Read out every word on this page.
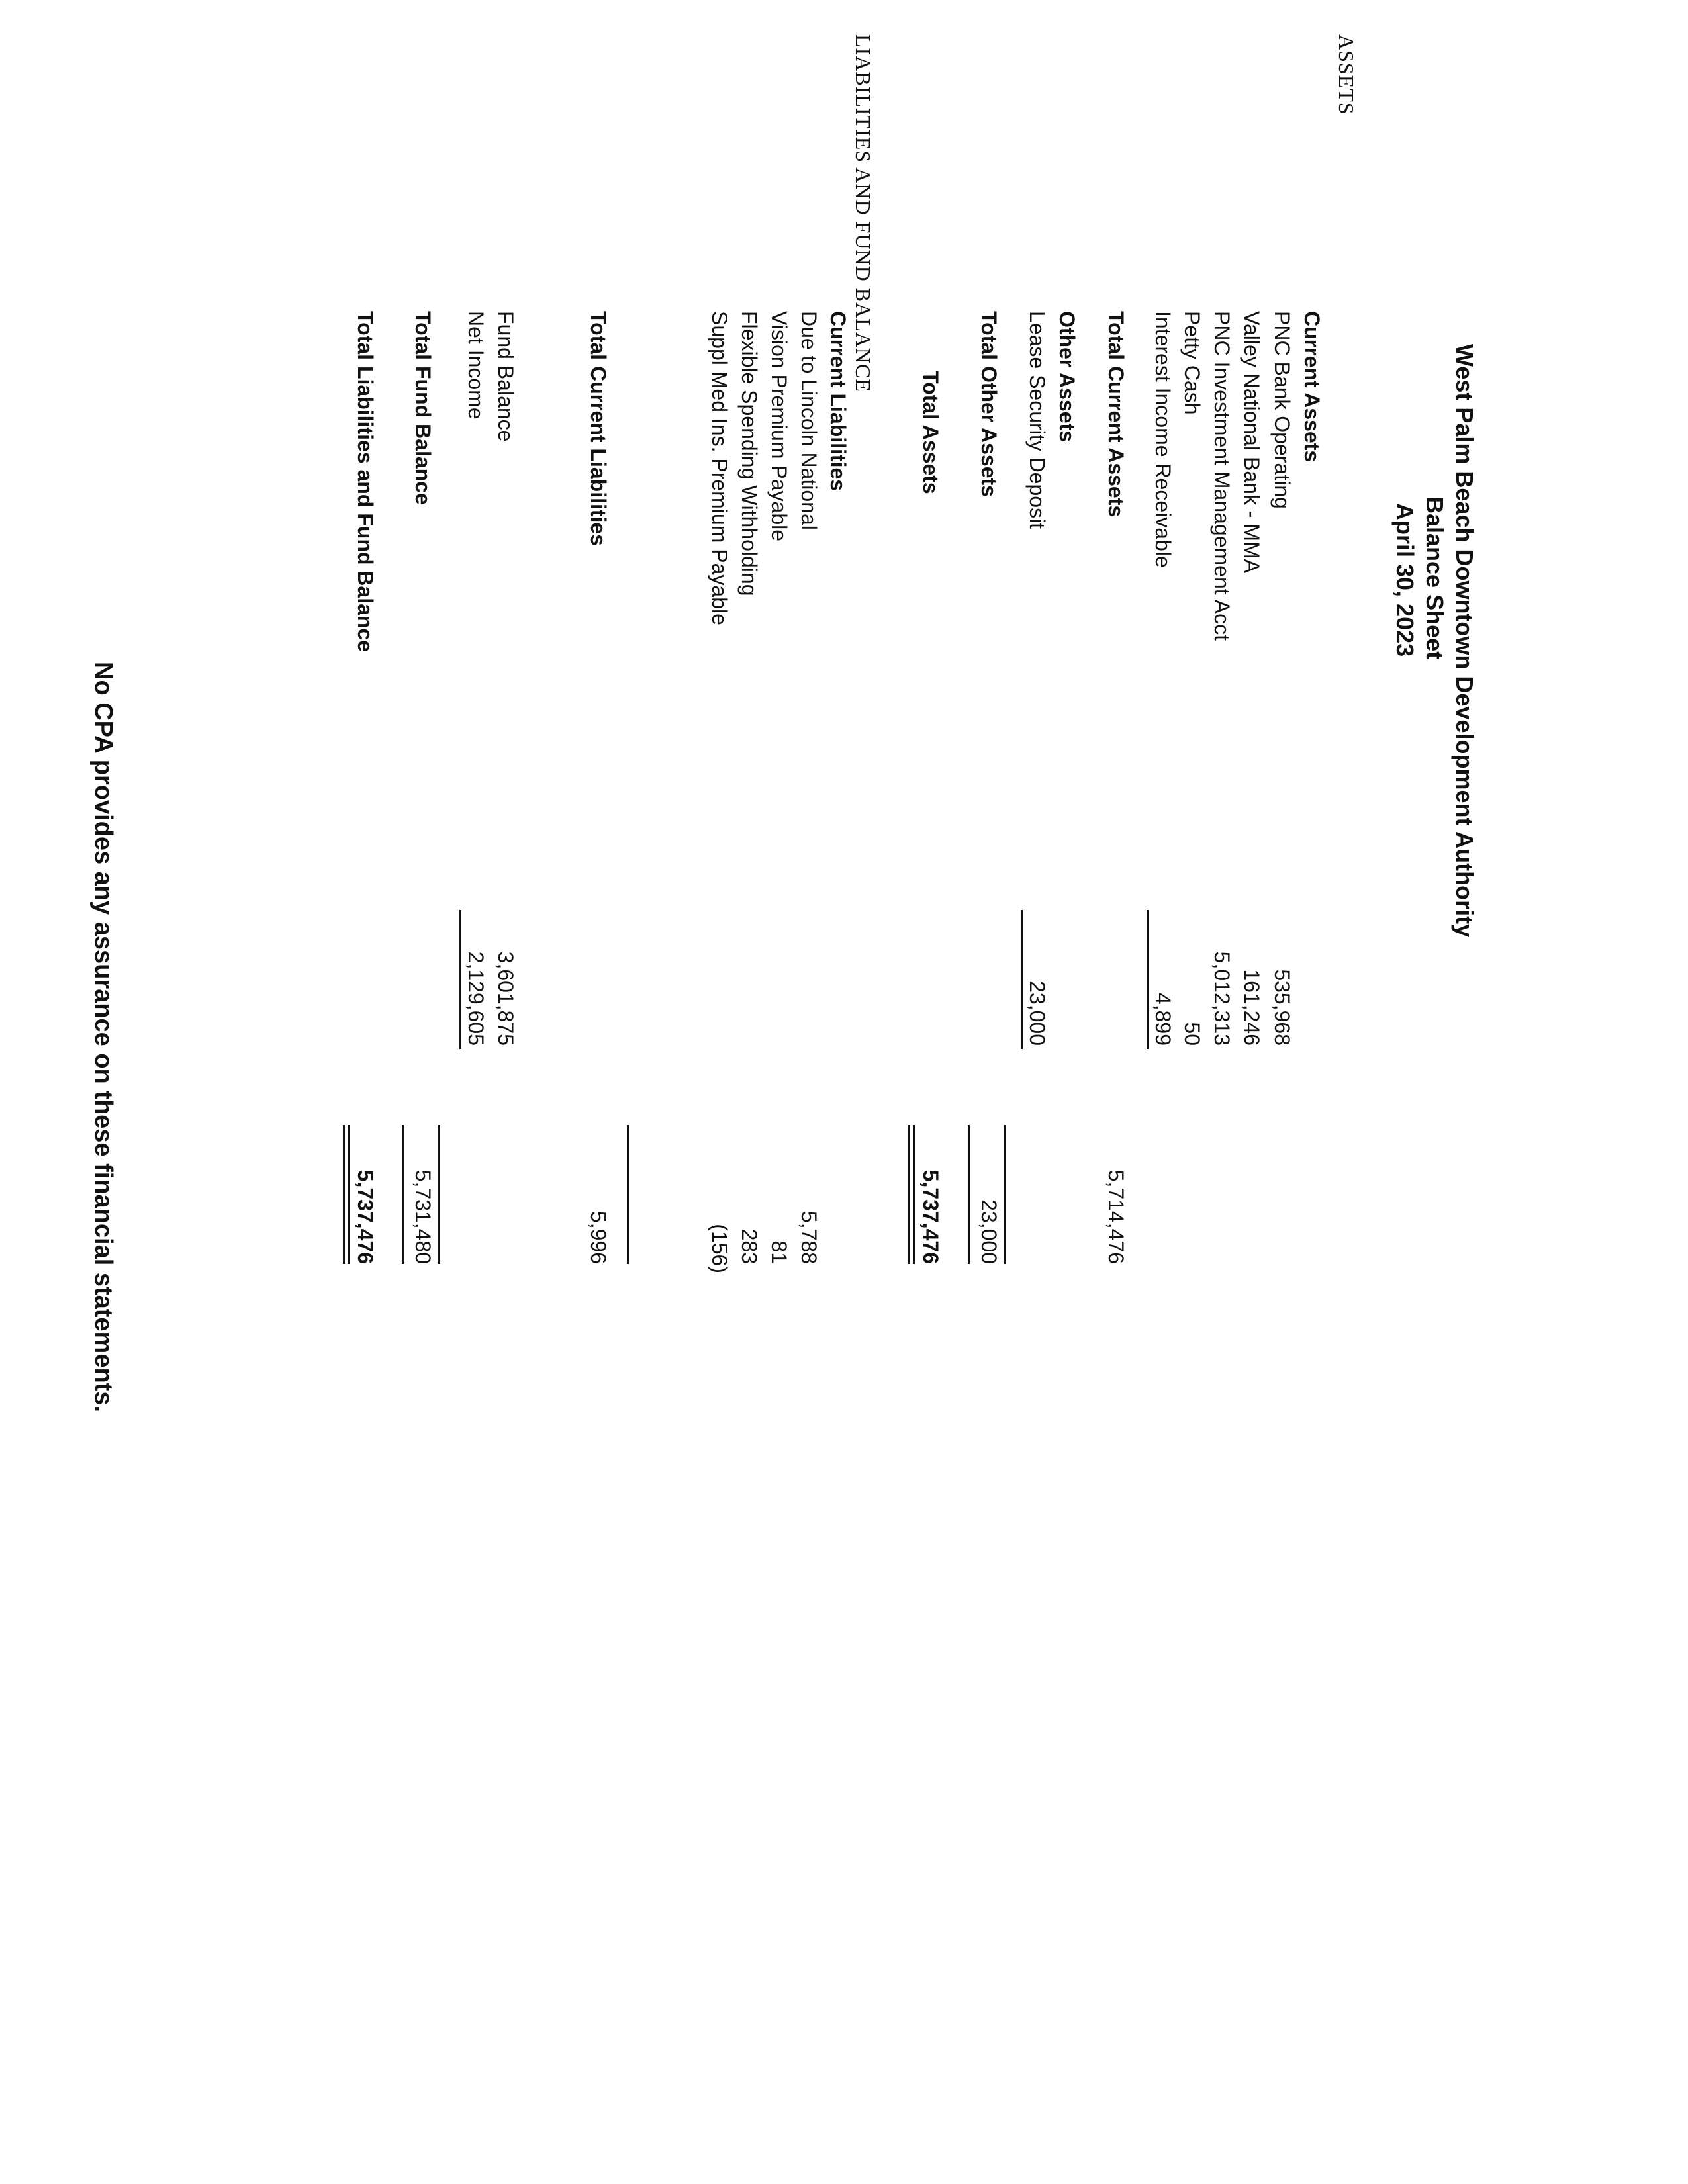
West Palm Beach Downtown Development Authority
Balance Sheet
April 30, 2023
ASSETS
Current Assets
PNC Bank Operating
Valley National Bank - MMA
PNC Investment Management Acct
Petty Cash
Interest Income Receivable
535,968
161,246
5,012,313
50
4,899
Total Current Assets
5,714,476
Other Assets
Lease Security Deposit
23,000
Total Other Assets
23,000
Total Assets
5,737,476
LIABILITIES AND FUND BALANCE
Current Liabilities
Due to Lincoln National
Vision Premium Payable
Flexible Spending Withholding
Suppl Med Ins. Premium Payable
5,788
81
283
(156)
Total Current Liabilities
5,996
Fund Balance
Net Income
3,601,875
2,129,605
Total Fund Balance
5,731,480
Total Liabilities and Fund Balance
5,737,476
No CPA provides any assurance on these financial statements.
